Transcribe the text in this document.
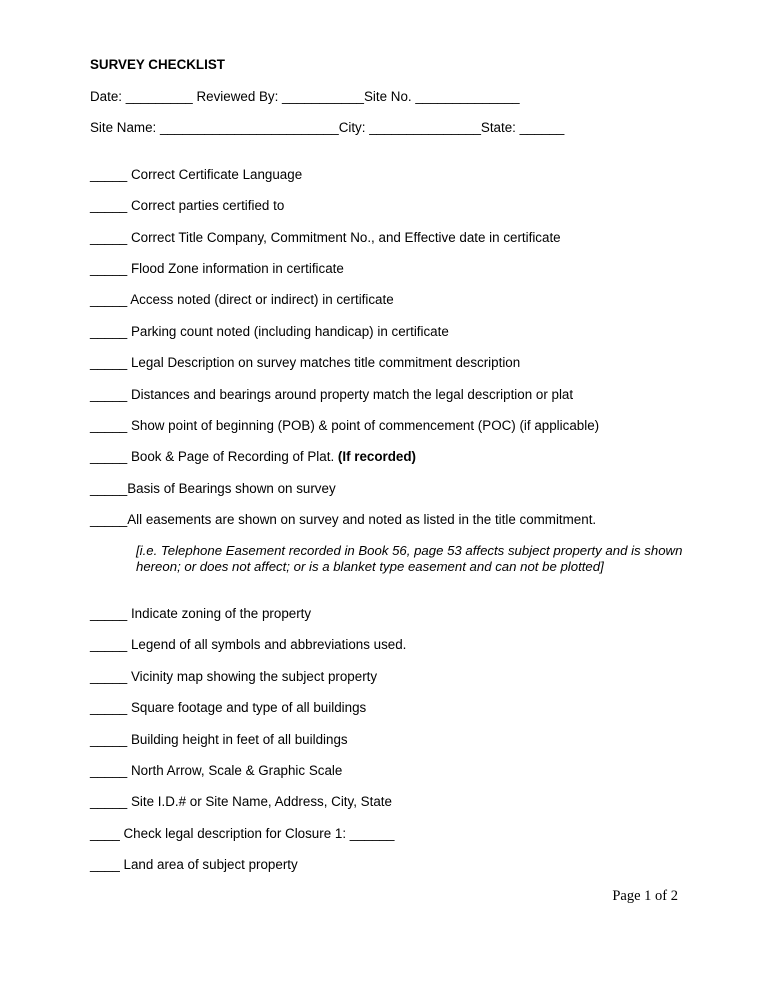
SURVEY CHECKLIST
Date: _________ Reviewed By: ___________Site No. ______________
Site Name: ________________________City: _______________State: ______
_____ Correct Certificate Language
_____ Correct parties certified to
_____ Correct Title Company, Commitment No., and Effective date in certificate
_____ Flood Zone information in certificate
_____ Access noted (direct or indirect) in certificate
_____ Parking count noted (including handicap) in certificate
_____ Legal Description on survey matches title commitment description
_____ Distances and bearings around property match the legal description or plat
_____ Show point of beginning (POB) & point of commencement (POC) (if applicable)
_____ Book & Page of Recording of Plat. (If recorded)
_____Basis of Bearings shown on survey
_____All easements are shown on survey and noted as listed in the title commitment.
[i.e. Telephone Easement recorded in Book 56, page 53 affects subject property and is shown hereon; or does not affect; or is a blanket type easement and can not be plotted]
_____ Indicate zoning of the property
_____ Legend of all symbols and abbreviations used.
_____ Vicinity map showing the subject property
_____ Square footage and type of all buildings
_____ Building height in feet of all buildings
_____ North Arrow, Scale & Graphic Scale
_____ Site I.D.# or Site Name, Address, City, State
____ Check legal description for Closure 1: ______
____ Land area of subject property
Page 1 of 2
